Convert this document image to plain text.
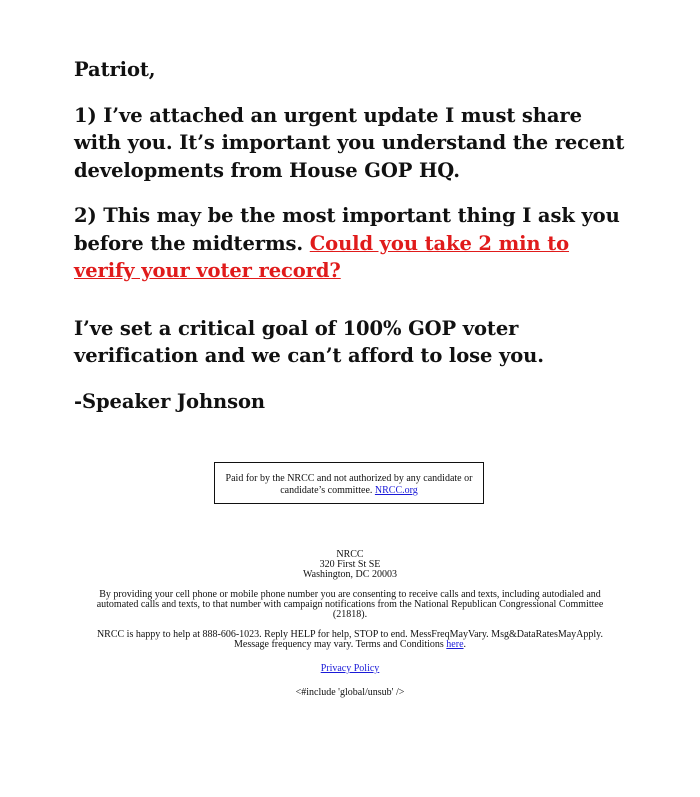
Patriot,

1) I’ve attached an urgent update I must share with you. It’s important you understand the recent developments from House GOP HQ.

2) This may be the most important thing I ask you before the midterms. Could you take 2 min to verify your voter record?

I’ve set a critical goal of 100% GOP voter verification and we can’t afford to lose you.

-Speaker Johnson

Paid for by the NRCC and not authorized by any candidate or candidate’s committee. NRCC.org
NRCC
320 First St SE
Washington, DC 20003
By providing your cell phone or mobile phone number you are consenting to receive calls and texts, including autodialed and automated calls and texts, to that number with campaign notifications from the National Republican Congressional Committee (21818).
NRCC is happy to help at 888-606-1023. Reply HELP for help, STOP to end. MessFreqMayVary. Msg&DataRatesMayApply. Message frequency may vary. Terms and Conditions here.
Privacy Policy
<#include 'global/unsub' />
